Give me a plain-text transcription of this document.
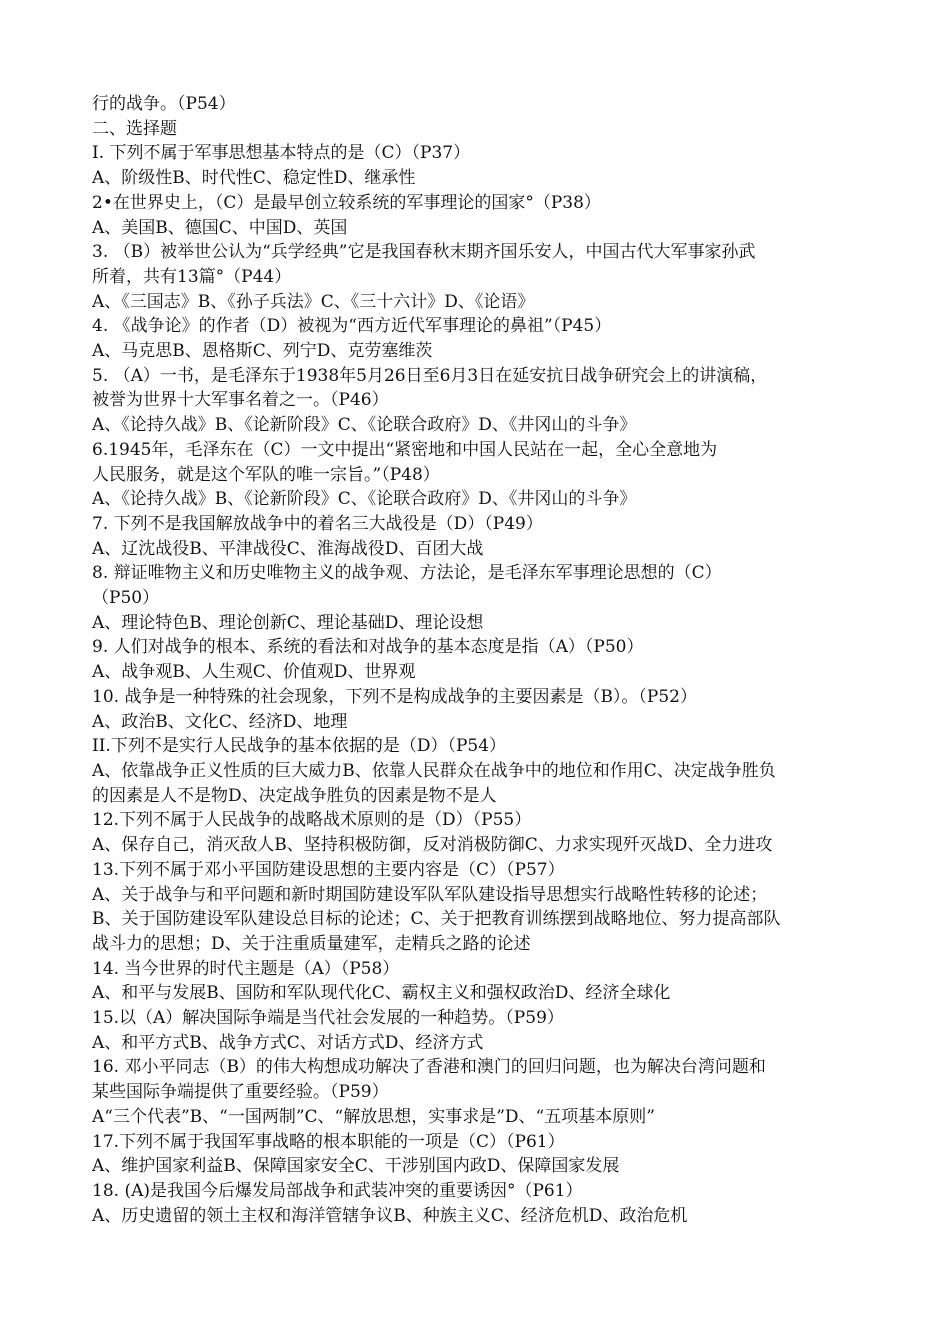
行的战争。（P54）
二、选择题
I. 下列不属于军事思想基本特点的是（C）（P37）
A、阶级性B、时代性C、稳定性D、继承性
2•在世界史上，（C）是最早创立较系统的军事理论的国家°（P38）
A、美国B、德国C、中国D、英国
3. （B）被举世公认为“兵学经典”它是我国春秋末期齐国乐安人，中国古代大军事家孙武
所着，共有13篇°（P44）
A、《三国志》B、《孙子兵法》C、《三十六计》D、《论语》
4. 《战争论》的作者（D）被视为“西方近代军事理论的鼻祖”（P45）
A、马克思B、恩格斯C、列宁D、克劳塞维茨
5. （A）一书，是毛泽东于1938年5月26日至6月3日在延安抗日战争研究会上的讲演稿，
被誉为世界十大军事名着之一。（P46）
A、《论持久战》B、《论新阶段》C、《论联合政府》D、《井冈山的斗争》
6.1945年，毛泽东在（C）一文中提出“紧密地和中国人民站在一起，全心全意地为
人民服务，就是这个军队的唯一宗旨。”（P48）
A、《论持久战》B、《论新阶段》C、《论联合政府》D、《井冈山的斗争》
7. 下列不是我国解放战争中的着名三大战役是（D）（P49）
A、辽沈战役B、平津战役C、淮海战役D、百团大战
8. 辩证唯物主义和历史唯物主义的战争观、方法论，是毛泽东军事理论思想的（C）
（P50）
A、理论特色B、理论创新C、理论基础D、理论设想
9. 人们对战争的根本、系统的看法和对战争的基本态度是指（A）（P50）
A、战争观B、人生观C、价值观D、世界观
10. 战争是一种特殊的社会现象，下列不是构成战争的主要因素是（B）。（P52）
A、政治B、文化C、经济D、地理
II.下列不是实行人民战争的基本依据的是（D）（P54）
A、依靠战争正义性质的巨大威力B、依靠人民群众在战争中的地位和作用C、决定战争胜负
的因素是人不是物D、决定战争胜负的因素是物不是人
12.下列不属于人民战争的战略战术原则的是（D）（P55）
A、保存自己，消灭敌人B、坚持积极防御，反对消极防御C、力求实现歼灭战D、全力进攻
13.下列不属于邓小平国防建设思想的主要内容是（C）（P57）
A、关于战争与和平问题和新时期国防建设军队军队建设指导思想实行战略性转移的论述；
B、关于国防建设军队建设总目标的论述；C、关于把教育训练摆到战略地位、努力提高部队
战斗力的思想；D、关于注重质量建军，走精兵之路的论述
14. 当今世界的时代主题是（A）（P58）
A、和平与发展B、国防和军队现代化C、霸权主义和强权政治D、经济全球化
15.以（A）解决国际争端是当代社会发展的一种趋势。（P59）
A、和平方式B、战争方式C、对话方式D、经济方式
16. 邓小平同志（B）的伟大构想成功解决了香港和澳门的回归问题，也为解决台湾问题和
某些国际争端提供了重要经验。（P59）
A“三个代表”B、“一国两制”C、“解放思想，实事求是”D、“五项基本原则”
17.下列不属于我国军事战略的根本职能的一项是（C）（P61）
A、维护国家利益B、保障国家安全C、干涉别国内政D、保障国家发展
18. (A)是我国今后爆发局部战争和武装冲突的重要诱因°（P61）
A、历史遗留的领土主权和海洋管辖争议B、种族主义C、经济危机D、政治危机
